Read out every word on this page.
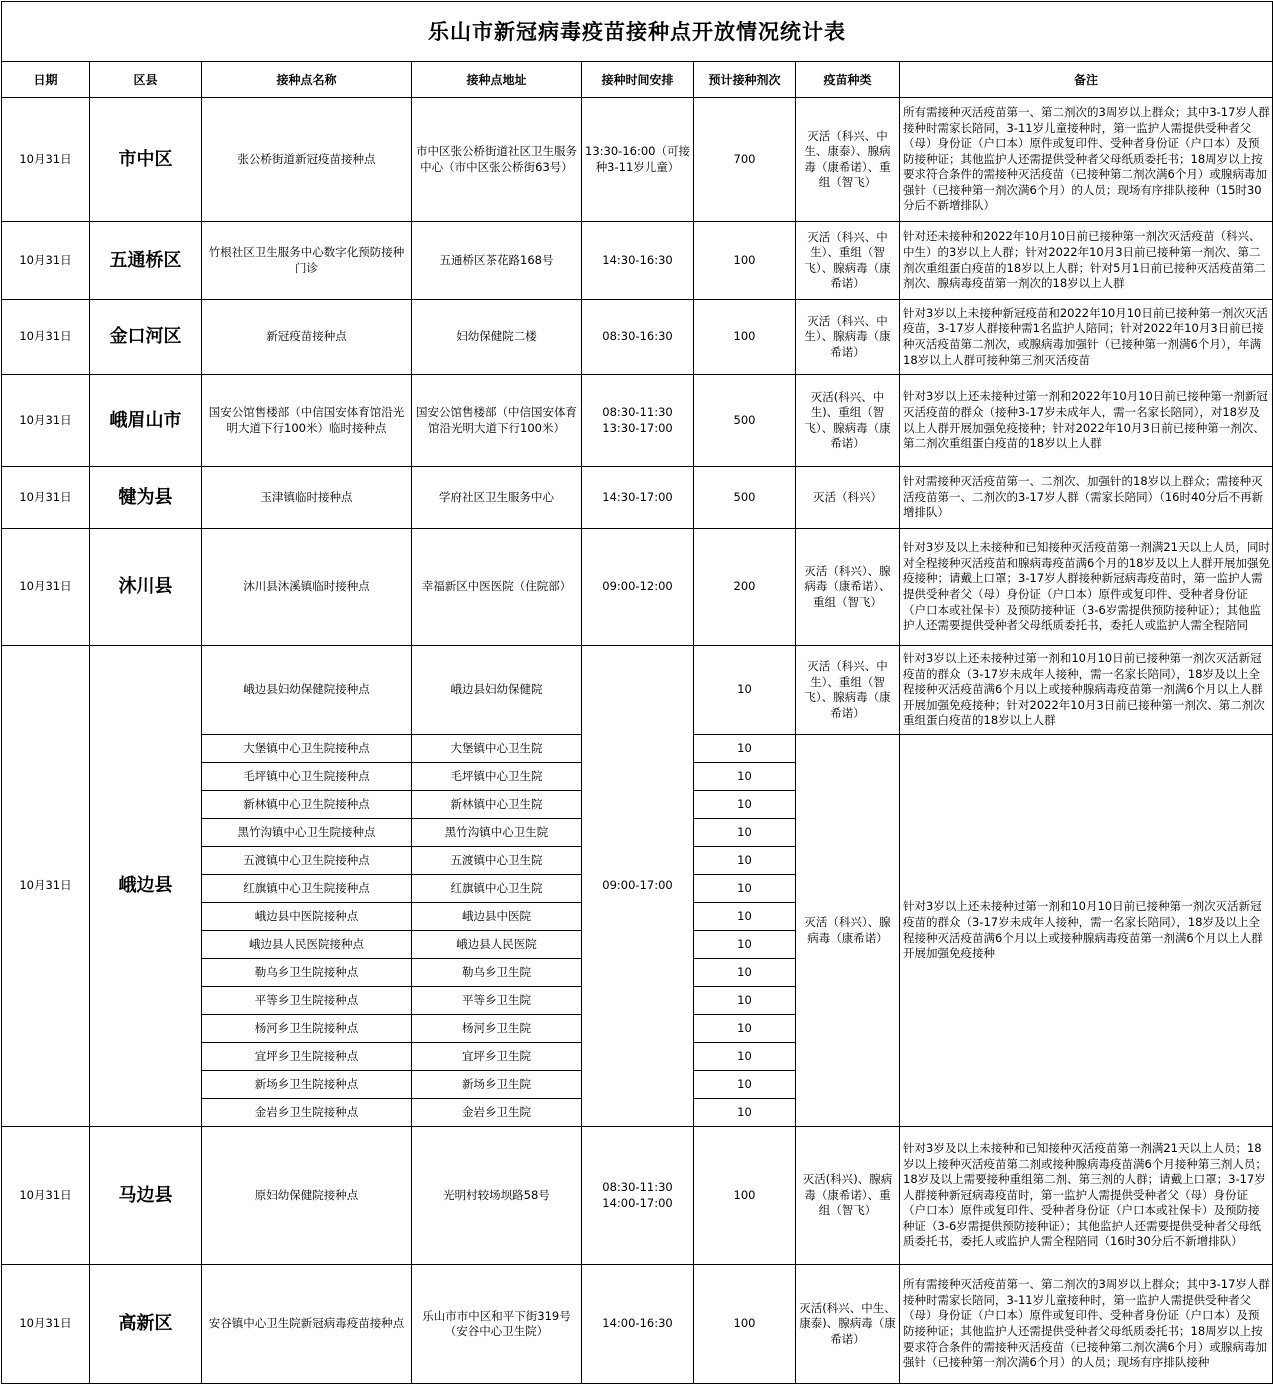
乐山市新冠病毒疫苗接种点开放情况统计表							
日期	区县	接种点名称	接种点地址	接种时间安排	预计接种剂次	疫苗种类	备注
10月31日	市中区	张公桥街道新冠疫苗接种点	市中区张公桥街道社区卫生服务中心（市中区张公桥街63号）	13:30-16:00（可接种3-11岁儿童）	700	灭活（科兴、中生、康泰）、腺病毒（康希诺）、重组（智飞）	所有需接种灭活疫苗第一、第二剂次的3周岁以上群众；其中3-17岁人群接种时需家长陪同，3-11岁儿童接种时，第一监护人需提供受种者父（母）身份证（户口本）原件或复印件、受种者身份证（户口本）及预防接种证；其他监护人还需提供受种者父母纸质委托书；18周岁以上按要求符合条件的需接种灭活疫苗（已接种第二剂次满6个月）或腺病毒加强针（已接种第一剂次满6个月）的人员；现场有序排队接种（15时30分后不新增排队）
10月31日	五通桥区	竹根社区卫生服务中心数字化预防接种门诊	五通桥区茶花路168号	14:30-16:30	100	灭活（科兴、中生）、重组（智飞）、腺病毒（康希诺）	针对还未接种和2022年10月10日前已接种第一剂次灭活疫苗（科兴、中生）的3岁以上人群；针对2022年10月3日前已接种第一剂次、第二剂次重组蛋白疫苗的18岁以上人群；针对5月1日前已接种灭活疫苗第二剂次、腺病毒疫苗第一剂次的18岁以上人群
10月31日	金口河区	新冠疫苗接种点	妇幼保健院二楼	08:30-16:30	100	灭活（科兴、中生）、腺病毒（康希诺）	针对3岁以上未接种新冠疫苗和2022年10月10日前已接种第一剂次灭活疫苗，3-17岁人群接种需1名监护人陪同；针对2022年10月3日前已接种灭活疫苗第二剂次，或腺病毒加强针（已接种第一剂满6个月），年满18岁以上人群可接种第三剂灭活疫苗
10月31日	峨眉山市	国安公馆售楼部（中信国安体育馆沿光明大道下行100米）临时接种点	国安公馆售楼部（中信国安体育馆沿光明大道下行100米）	08:30-11:30 13:30-17:00	500	灭活(科兴、中生)、重组（智飞）、腺病毒（康希诺）	针对3岁以上还未接种过第一剂和2022年10月10日前已接种第一剂新冠灭活疫苗的群众（接种3-17岁未成年人，需一名家长陪同），对18岁及以上人群开展加强免疫接种；针对2022年10月3日前已接种第一剂次、第二剂次重组蛋白疫苗的18岁以上人群
10月31日	犍为县	玉津镇临时接种点	学府社区卫生服务中心	14:30-17:00	500	灭活（科兴）	针对需接种灭活疫苗第一、二剂次、加强针的18岁以上群众；需接种灭活疫苗第一、二剂次的3-17岁人群（需家长陪同）（16时40分后不再新增排队）
10月31日	沐川县	沐川县沐溪镇临时接种点	幸福新区中医医院（住院部）	09:00-12:00	200	灭活（科兴）、腺病毒（康希诺）、重组（智飞）	针对3岁及以上未接种和已知接种灭活疫苗第一剂满21天以上人员，同时对全程接种灭活疫苗和腺病毒疫苗满6个月的18岁及以上人群开展加强免疫接种；请戴上口罩；3-17岁人群接种新冠病毒疫苗时，第一监护人需提供受种者父（母）身份证（户口本）原件或复印件、受种者身份证（户口本或社保卡）及预防接种证（3-6岁需提供预防接种证）；其他监护人还需要提供受种者父母纸质委托书，委托人或监护人需全程陪同
10月31日	峨边县	峨边县妇幼保健院接种点	峨边县妇幼保健院	09:00-17:00	10	灭活（科兴、中生）、重组（智飞）、腺病毒（康希诺）	针对3岁以上还未接种过第一剂和10月10日前已接种第一剂次灭活新冠疫苗的群众（3-17岁未成年人接种，需一名家长陪同），18岁及以上全程接种灭活疫苗满6个月以上或接种腺病毒疫苗第一剂满6个月以上人群开展加强免疫接种；针对2022年10月3日前已接种第一剂次、第二剂次重组蛋白疫苗的18岁以上人群
		大堡镇中心卫生院接种点	大堡镇中心卫生院		10	灭活（科兴）、腺病毒（康希诺）	针对3岁以上还未接种过第一剂和10月10日前已接种第一剂次灭活新冠疫苗的群众（3-17岁未成年人接种，需一名家长陪同），18岁及以上全程接种灭活疫苗满6个月以上或接种腺病毒疫苗第一剂满6个月以上人群开展加强免疫接种
		毛坪镇中心卫生院接种点	毛坪镇中心卫生院		10		
		新林镇中心卫生院接种点	新林镇中心卫生院		10		
		黑竹沟镇中心卫生院接种点	黑竹沟镇中心卫生院		10		
		五渡镇中心卫生院接种点	五渡镇中心卫生院		10		
		红旗镇中心卫生院接种点	红旗镇中心卫生院		10		
		峨边县中医院接种点	峨边县中医院		10		
		峨边县人民医院接种点	峨边县人民医院		10		
		勒乌乡卫生院接种点	勒乌乡卫生院		10		
		平等乡卫生院接种点	平等乡卫生院		10		
		杨河乡卫生院接种点	杨河乡卫生院		10		
		宜坪乡卫生院接种点	宜坪乡卫生院		10		
		新场乡卫生院接种点	新场乡卫生院		10		
		金岩乡卫生院接种点	金岩乡卫生院		10		
10月31日	马边县	原妇幼保健院接种点	光明村较场坝路58号	08:30-11:30 14:00-17:00	100	灭活(科兴)、腺病毒（康希诺）、重组（智飞）	针对3岁及以上未接种和已知接种灭活疫苗第一剂满21天以上人员；18岁以上接种灭活疫苗第二剂或接种腺病毒疫苗满6个月接种第三剂人员；18岁及以上需要接种重组第二剂、第三剂的人群；请戴上口罩；3-17岁人群接种新冠病毒疫苗时，第一监护人需提供受种者父（母）身份证（户口本）原件或复印件、受种者身份证（户口本或社保卡）及预防接种证（3-6岁需提供预防接种证）；其他监护人还需要提供受种者父母纸质委托书，委托人或监护人需全程陪同（16时30分后不新增排队）
10月31日	高新区	安谷镇中心卫生院新冠病毒疫苗接种点	乐山市市中区和平下街319号（安谷中心卫生院）	14:00-16:30	100	灭活(科兴、中生、康泰)、腺病毒（康希诺）	所有需接种灭活疫苗第一、第二剂次的3周岁以上群众；其中3-17岁人群接种时需家长陪同，3-11岁儿童接种时，第一监护人需提供受种者父（母）身份证（户口本）原件或复印件、受种者身份证（户口本）及预防接种证；其他监护人还需提供受种者父母纸质委托书；18周岁以上按要求符合条件的需接种灭活疫苗（已接种第二剂次满6个月）或腺病毒加强针（已接种第一剂次满6个月）的人员；现场有序排队接种
